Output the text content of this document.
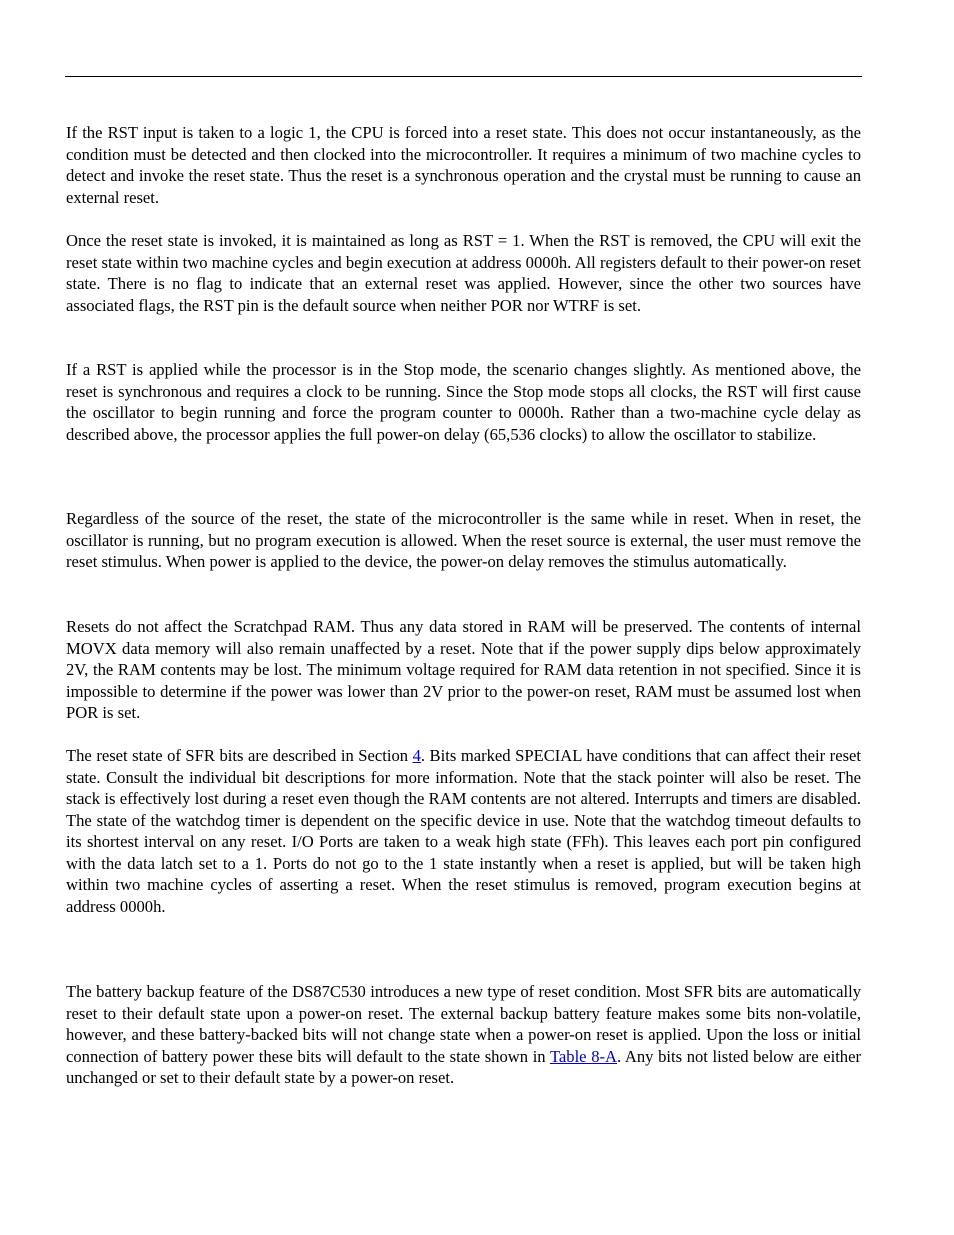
If the RST input is taken to a logic 1, the CPU is forced into a reset state. This does not occur instantaneously, as the condition must be detected and then clocked into the microcontroller. It requires a minimum of two machine cycles to detect and invoke the reset state. Thus the reset is a synchronous operation and the crystal must be running to cause an external reset.

Once the reset state is invoked, it is maintained as long as RST = 1. When the RST is removed, the CPU will exit the reset state within two machine cycles and begin execution at address 0000h. All registers default to their power-on reset state. There is no flag to indicate that an external reset was applied. However, since the other two sources have associated flags, the RST pin is the default source when neither POR nor WTRF is set.

If a RST is applied while the processor is in the Stop mode, the scenario changes slightly. As mentioned above, the reset is synchronous and requires a clock to be running. Since the Stop mode stops all clocks, the RST will first cause the oscillator to begin running and force the program counter to 0000h. Rather than a two-machine cycle delay as described above, the processor applies the full power-on delay (65,536 clocks) to allow the oscillator to stabilize.

Regardless of the source of the reset, the state of the microcontroller is the same while in reset. When in reset, the oscillator is running, but no program execution is allowed. When the reset source is external, the user must remove the reset stimulus. When power is applied to the device, the power-on delay removes the stimulus automatically.

Resets do not affect the Scratchpad RAM. Thus any data stored in RAM will be preserved. The contents of internal MOVX data memory will also remain unaffected by a reset. Note that if the power supply dips below approximately 2V, the RAM contents may be lost. The minimum voltage required for RAM data retention in not specified. Since it is impossible to determine if the power was lower than 2V prior to the power-on reset, RAM must be assumed lost when POR is set.

The reset state of SFR bits are described in Section 4. Bits marked SPECIAL have conditions that can affect their reset state. Consult the individual bit descriptions for more information. Note that the stack pointer will also be reset. The stack is effectively lost during a reset even though the RAM contents are not altered. Interrupts and timers are disabled. The state of the watchdog timer is dependent on the specific device in use. Note that the watchdog timeout defaults to its shortest interval on any reset. I/O Ports are taken to a weak high state (FFh). This leaves each port pin configured with the data latch set to a 1. Ports do not go to the 1 state instantly when a reset is applied, but will be taken high within two machine cycles of asserting a reset. When the reset stimulus is removed, program execution begins at address 0000h.

The battery backup feature of the DS87C530 introduces a new type of reset condition. Most SFR bits are automatically reset to their default state upon a power-on reset. The external backup battery feature makes some bits non-volatile, however, and these battery-backed bits will not change state when a power-on reset is applied. Upon the loss or initial connection of battery power these bits will default to the state shown in Table 8-A. Any bits not listed below are either unchanged or set to their default state by a power-on reset.
